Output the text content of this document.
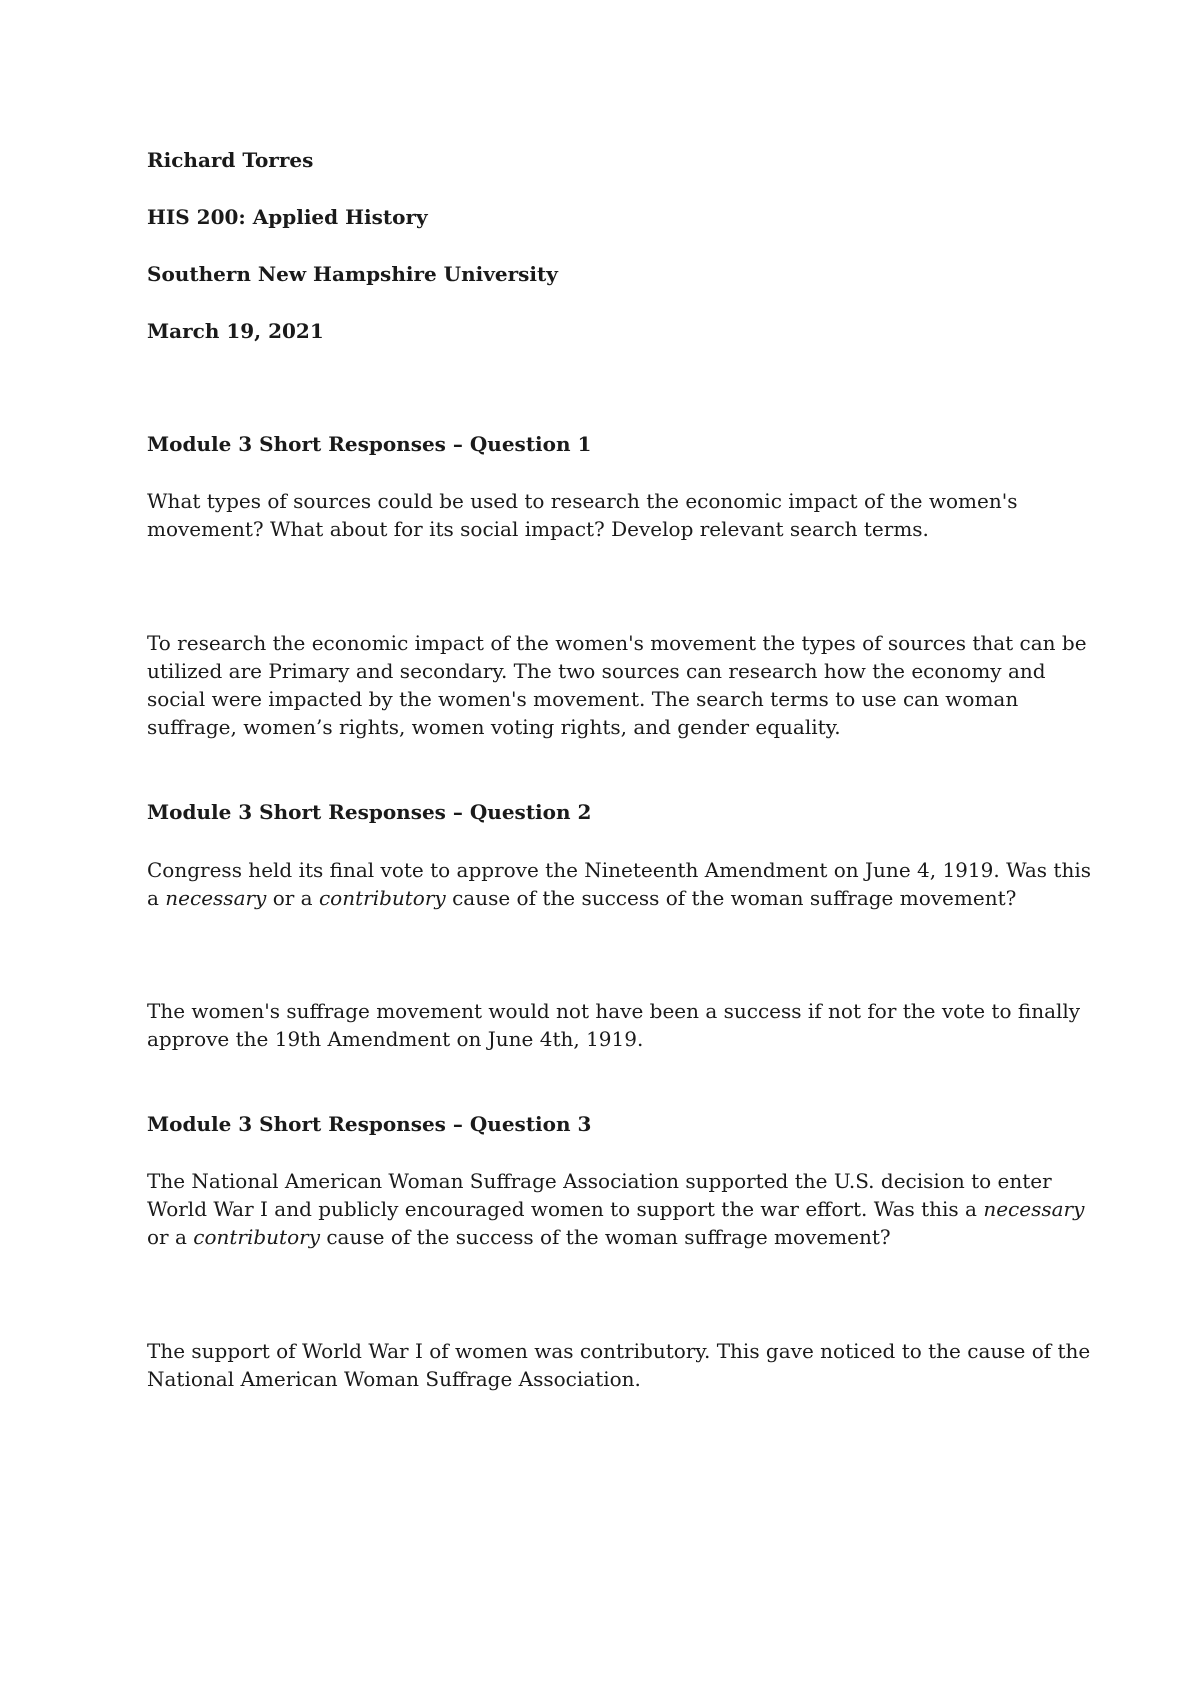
Richard Torres
HIS 200: Applied History
Southern New Hampshire University
March 19, 2021
Module 3 Short Responses – Question 1
What types of sources could be used to research the economic impact of the women's
movement? What about for its social impact? Develop relevant search terms.
To research the economic impact of the women's movement the types of sources that can be
utilized are Primary and secondary. The two sources can research how the economy and
social were impacted by the women's movement. The search terms to use can woman
suffrage, women’s rights, women voting rights, and gender equality.
Module 3 Short Responses – Question 2
Congress held its final vote to approve the Nineteenth Amendment on June 4, 1919. Was this
a necessary or a contributory cause of the success of the woman suffrage movement?
The women's suffrage movement would not have been a success if not for the vote to finally
approve the 19th Amendment on June 4th, 1919.
Module 3 Short Responses – Question 3
The National American Woman Suffrage Association supported the U.S. decision to enter
World War I and publicly encouraged women to support the war effort. Was this a necessary
or a contributory cause of the success of the woman suffrage movement?
The support of World War I of women was contributory. This gave noticed to the cause of the
National American Woman Suffrage Association.
